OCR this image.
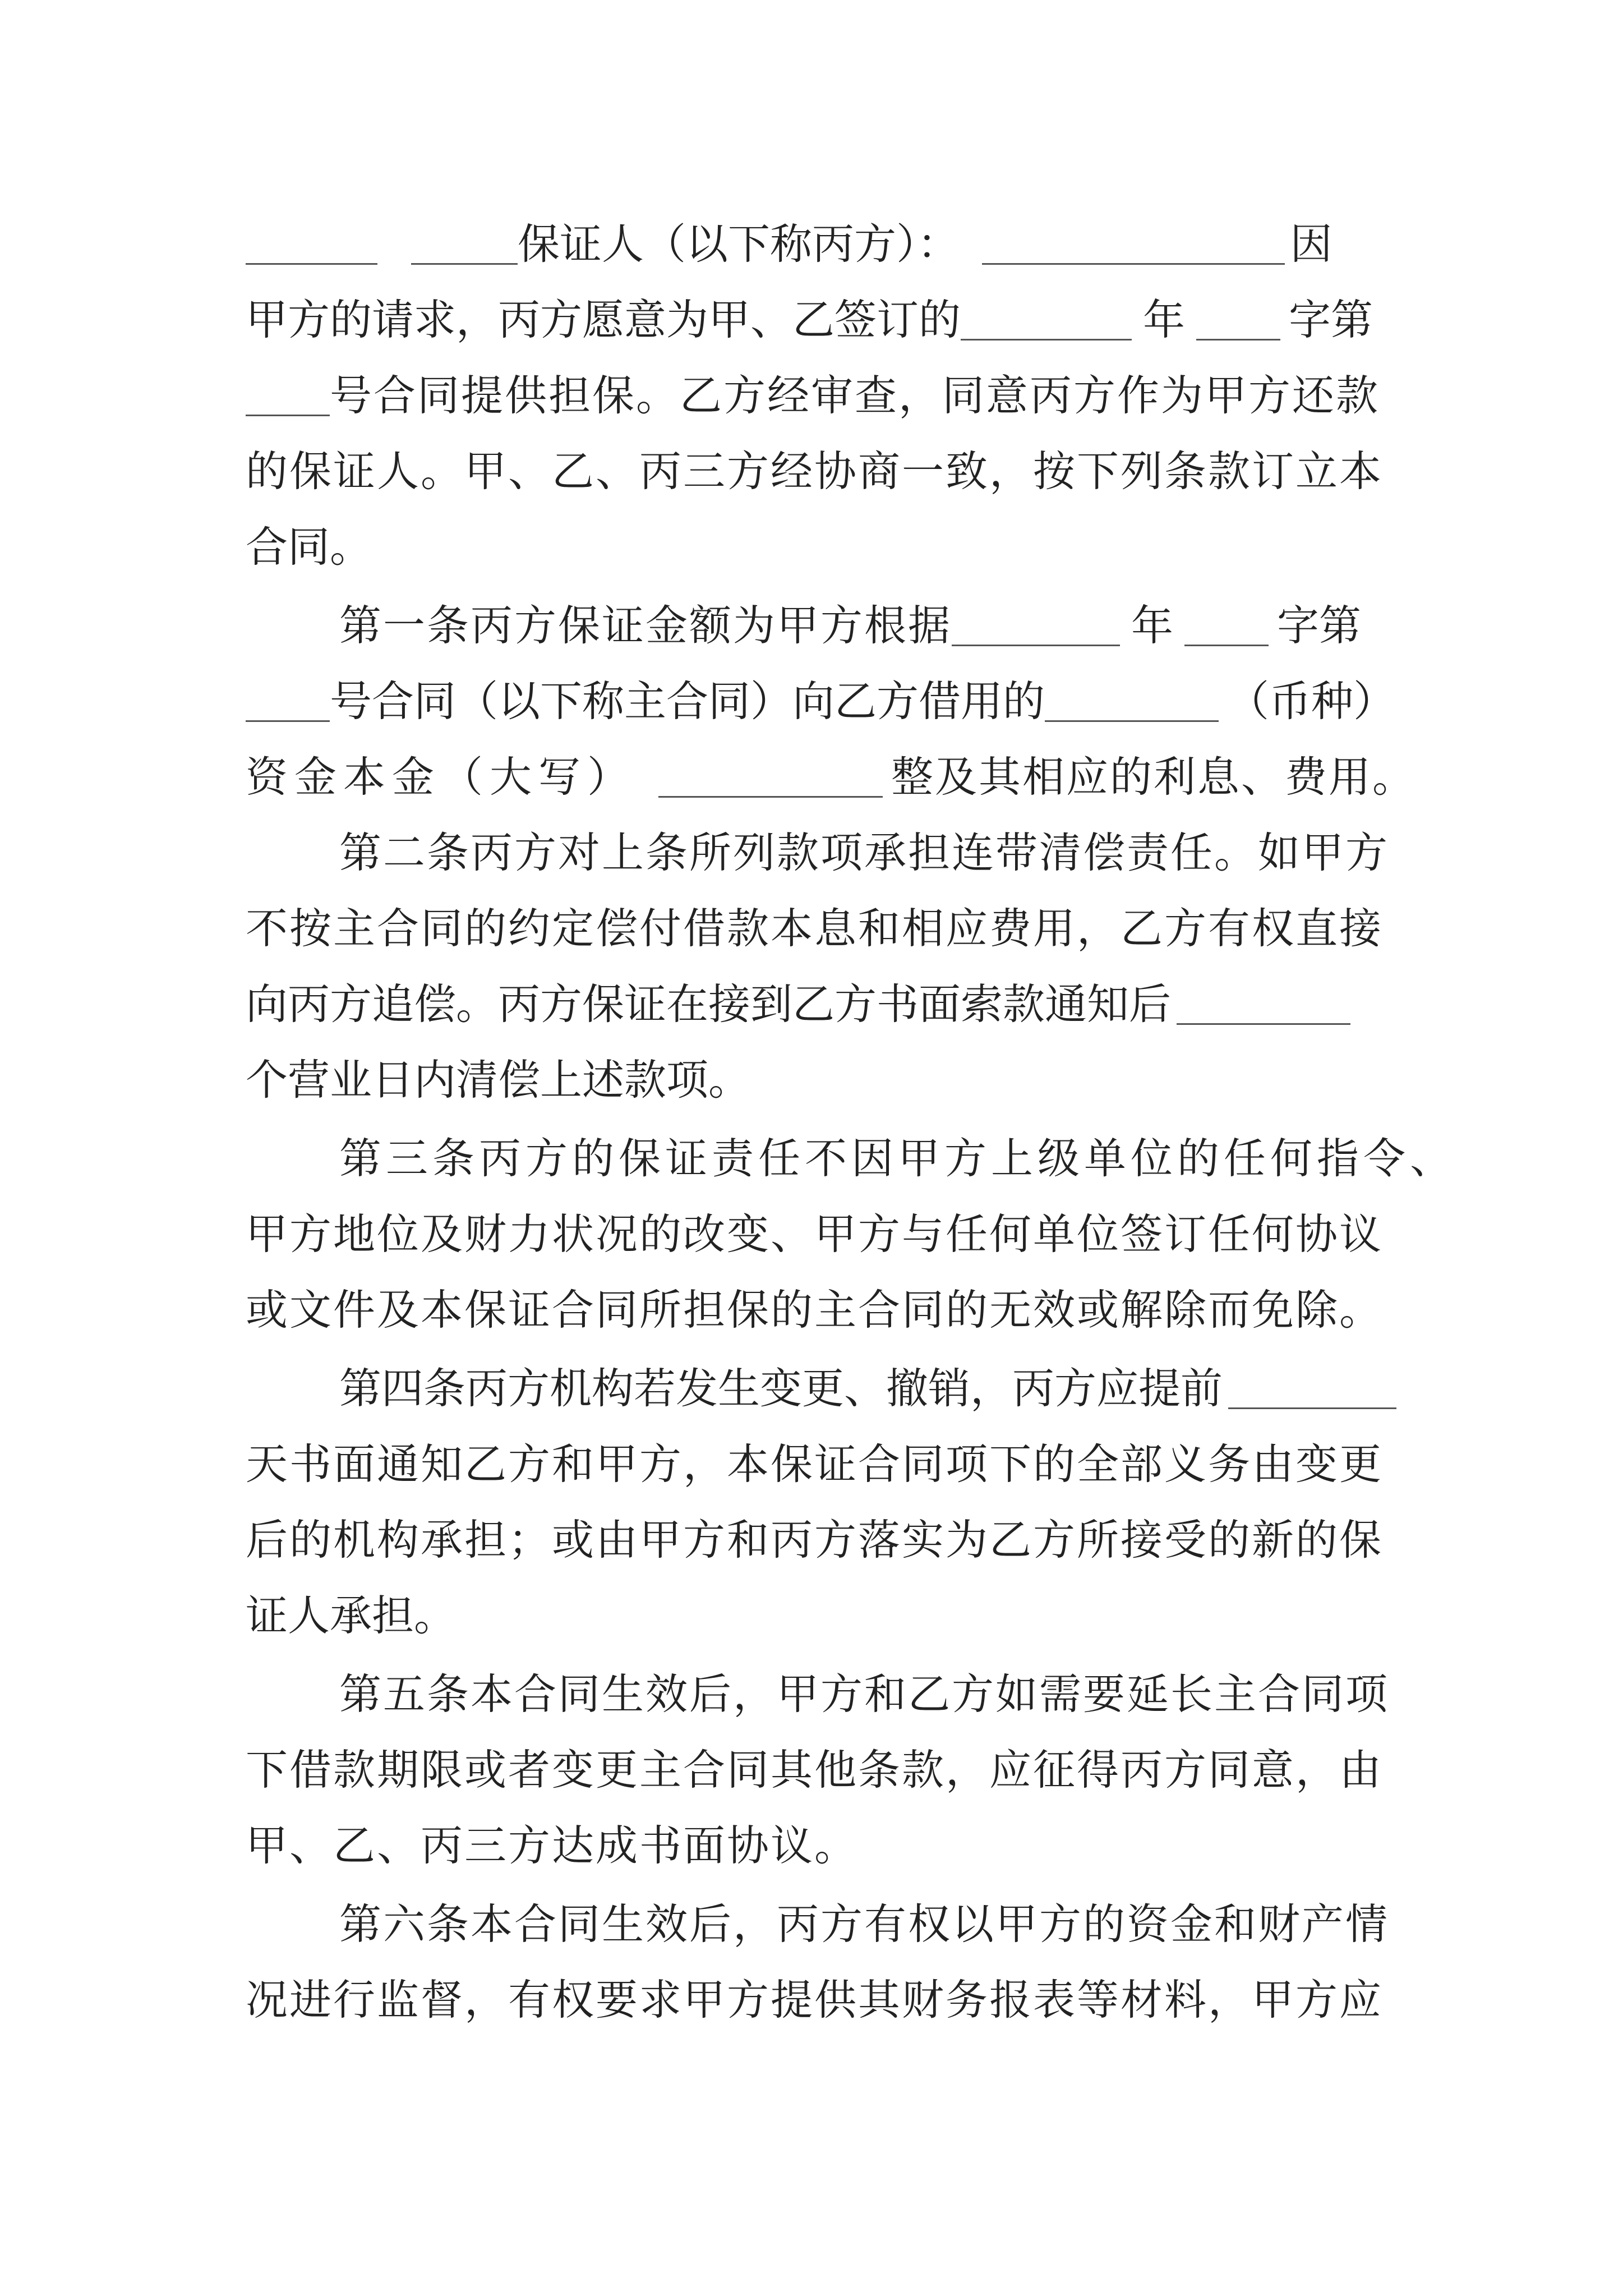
保证人（以下称丙方）：	因
甲方的请求，丙方愿意为甲、乙签订的	年 字第
号合同提供担保。乙方经审查，同意丙方作为甲方还款
的保证人。甲、乙、丙三方经协商一致，按下列条款订立本
合同。
第一条丙方保证金额为甲方根据	年 字第
号合同（以下称主合同）向乙方借用的	（币种）
资金本金（大写）	整及其相应的利息、费用。
第二条丙方对上条所列款项承担连带清偿责任。如甲方
不按主合同的约定偿付借款本息和相应费用，乙方有权直接
向丙方追偿。丙方保证在接到乙方书面索款通知后
个营业日内清偿上述款项。
第三条丙方的保证责任不因甲方上级单位的任何指令、
甲方地位及财力状况的改变、甲方与任何单位签订任何协议
或文件及本保证合同所担保的主合同的无效或解除而免除。
第四条丙方机构若发生变更、撤销，丙方应提前
天书面通知乙方和甲方，本保证合同项下的全部义务由变更
后的机构承担；或由甲方和丙方落实为乙方所接受的新的保
证人承担。
第五条本合同生效后，甲方和乙方如需要延长主合同项
下借款期限或者变更主合同其他条款，应征得丙方同意，由
甲、乙、丙三方达成书面协议。
第六条本合同生效后，丙方有权以甲方的资金和财产情
况进行监督，有权要求甲方提供其财务报表等材料，甲方应
